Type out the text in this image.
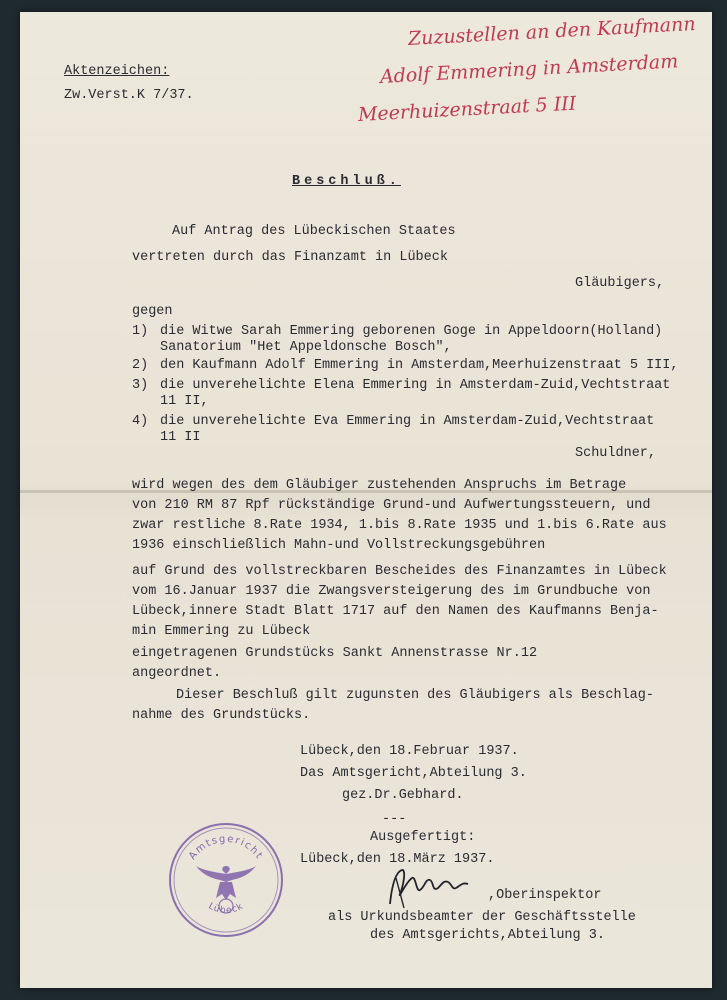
Zuzustellen an den Kaufmann
Adolf Emmering in Amsterdam
Meerhuizenstraat 5 III
Aktenzeichen:
Zw.Verst.K 7/37.
Beschluß.
Auf Antrag des Lübeckischen Staates
vertreten durch das Finanzamt in Lübeck
Gläubigers,
gegen
1) die Witwe Sarah Emmering geborenen Goge in Appeldoorn(Holland)
Sanatorium "Het Appeldonsche Bosch",
2) den Kaufmann Adolf Emmering in Amsterdam,Meerhuizenstraat 5 III,
3) die unverehelichte Elena Emmering in Amsterdam-Zuid,Vechtstraat
11 II,
4) die unverehelichte Eva Emmering in Amsterdam-Zuid,Vechtstraat
11 II
Schuldner,
wird wegen des dem Gläubiger zustehenden Anspruchs im Betrage
von 210 RM 87 Rpf rückständige Grund-und Aufwertungssteuern, und
zwar restliche 8.Rate 1934, 1.bis 8.Rate 1935 und 1.bis 6.Rate aus
1936 einschließlich Mahn-und Vollstreckungsgebühren
auf Grund des vollstreckbaren Bescheides des Finanzamtes in Lübeck
vom 16.Januar 1937 die Zwangsversteigerung des im Grundbuche von
Lübeck,innere Stadt Blatt 1717 auf den Namen des Kaufmanns Benja-
min Emmering zu Lübeck
eingetragenen Grundstücks Sankt Annenstrasse Nr.12
angeordnet.
Dieser Beschluß gilt zugunsten des Gläubigers als Beschlag-
nahme des Grundstücks.
Lübeck,den 18.Februar 1937.
Das Amtsgericht,Abteilung 3.
gez.Dr.Gebhard.
---
Ausgefertigt:
Lübeck,den 18.März 1937.
,Oberinspektor
als Urkundsbeamter der Geschäftsstelle
des Amtsgerichts,Abteilung 3.
Amtsgericht
Lübeck
